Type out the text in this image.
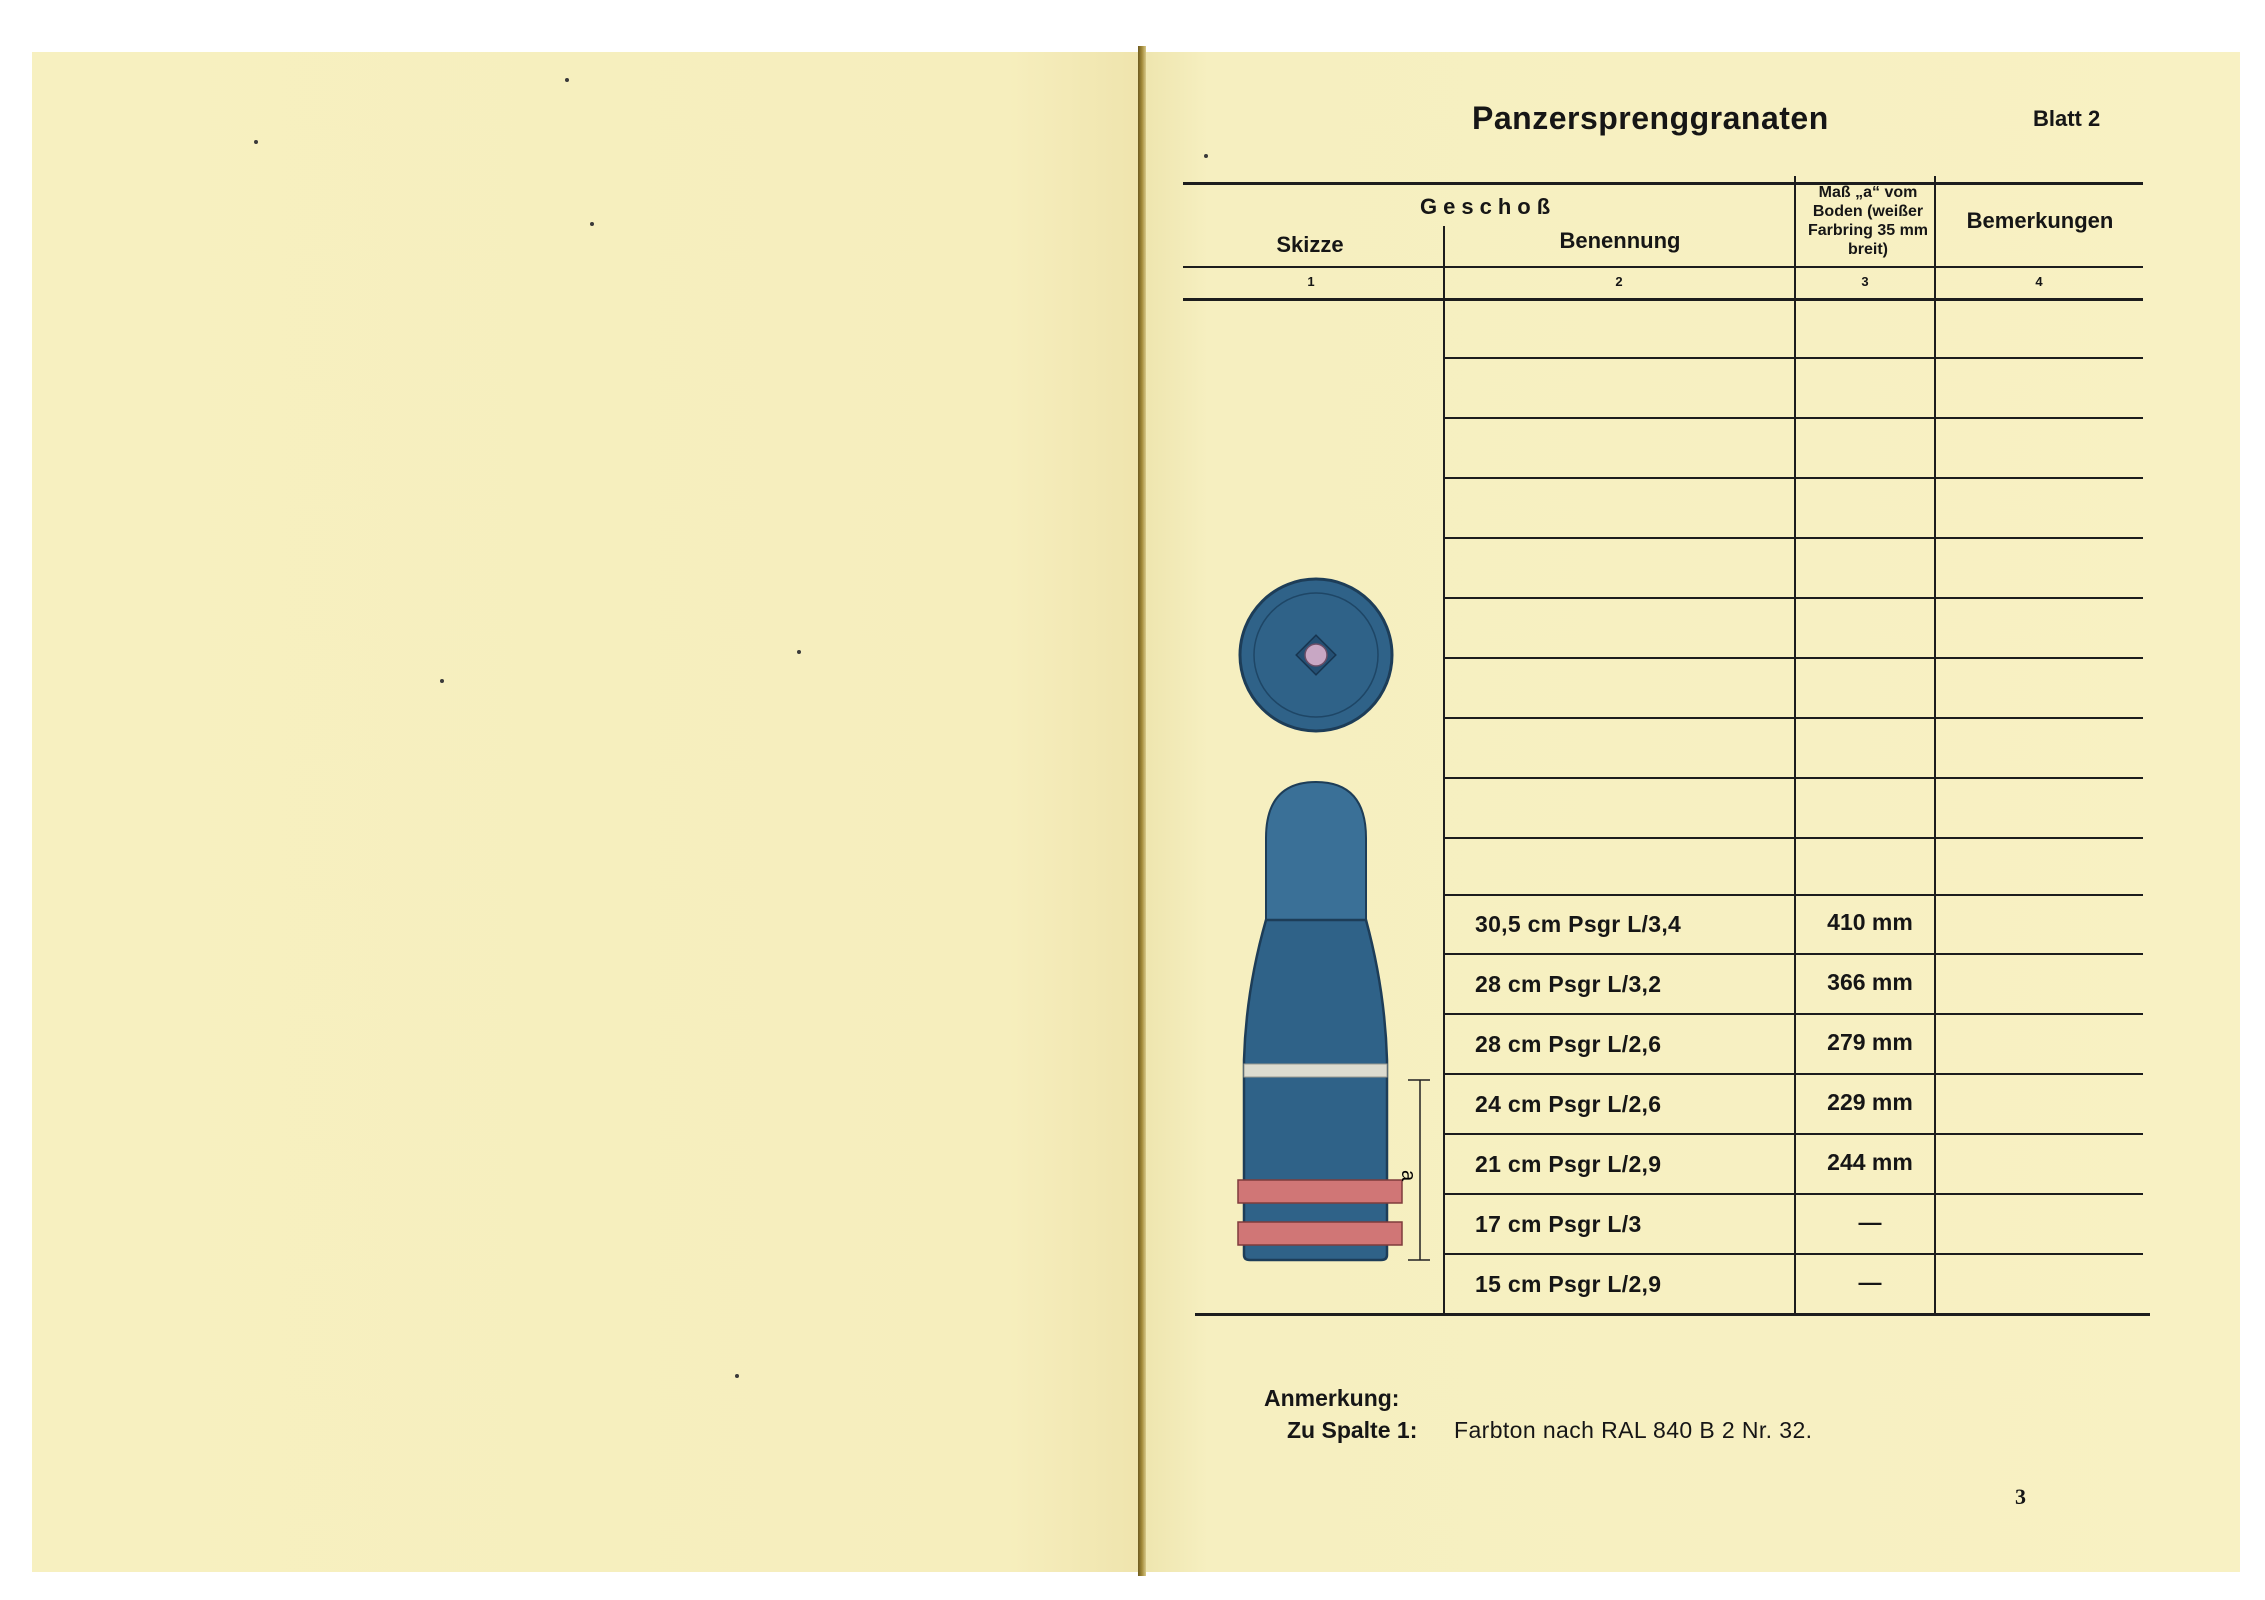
Panzersprenggranaten	Blatt 2
Geschoß
Skizze	Benennung
Maß „a“ vom Boden (weißer Farbring 35 mm breit)
Bemerkungen
1	2	3	4
30,5 cm Psgr L/3,4	410 mm
28 cm Psgr L/3,2	366 mm
28 cm Psgr L/2,6	279 mm
24 cm Psgr L/2,6	229 mm
21 cm Psgr L/2,9	244 mm
17 cm Psgr L/3	—
15 cm Psgr L/2,9	—
a
Anmerkung:
Zu Spalte 1: Farbton nach RAL 840 B 2 Nr. 32.
3
